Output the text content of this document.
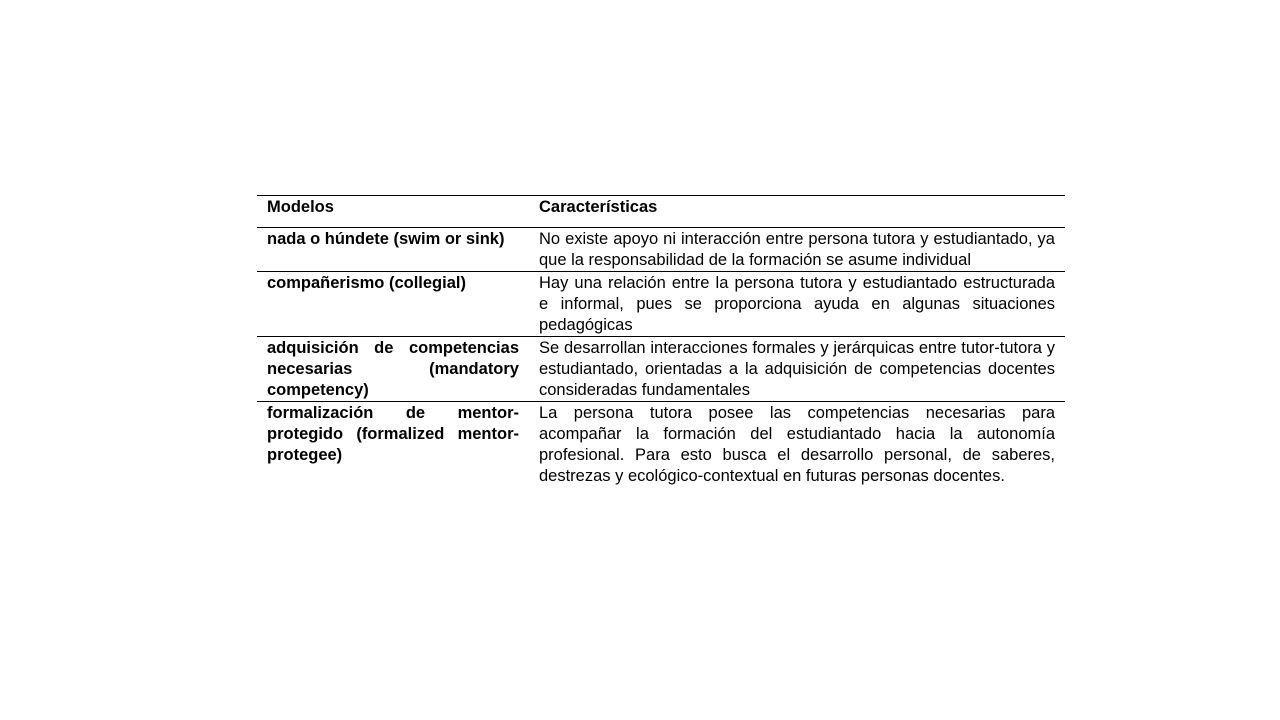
Modelos	Características
nada o húndete (swim or sink)	No existe apoyo ni interacción entre persona tutora y estudiantado, ya que la responsabilidad de la formación se asume individual
compañerismo (collegial)	Hay una relación entre la persona tutora y estudiantado estructurada e informal, pues se proporciona ayuda en algunas situaciones pedagógicas
adquisición de competencias necesarias (mandatory competency)	Se desarrollan interacciones formales y jerárquicas entre tutor-tutora y estudiantado, orientadas a la adquisición de competencias docentes consideradas fundamentales
formalización de mentor-protegido (formalized mentor-protegee)	La persona tutora posee las competencias necesarias para acompañar la formación del estudiantado hacia la autonomía profesional. Para esto busca el desarrollo personal, de saberes, destrezas y ecológico-contextual en futuras personas docentes.
